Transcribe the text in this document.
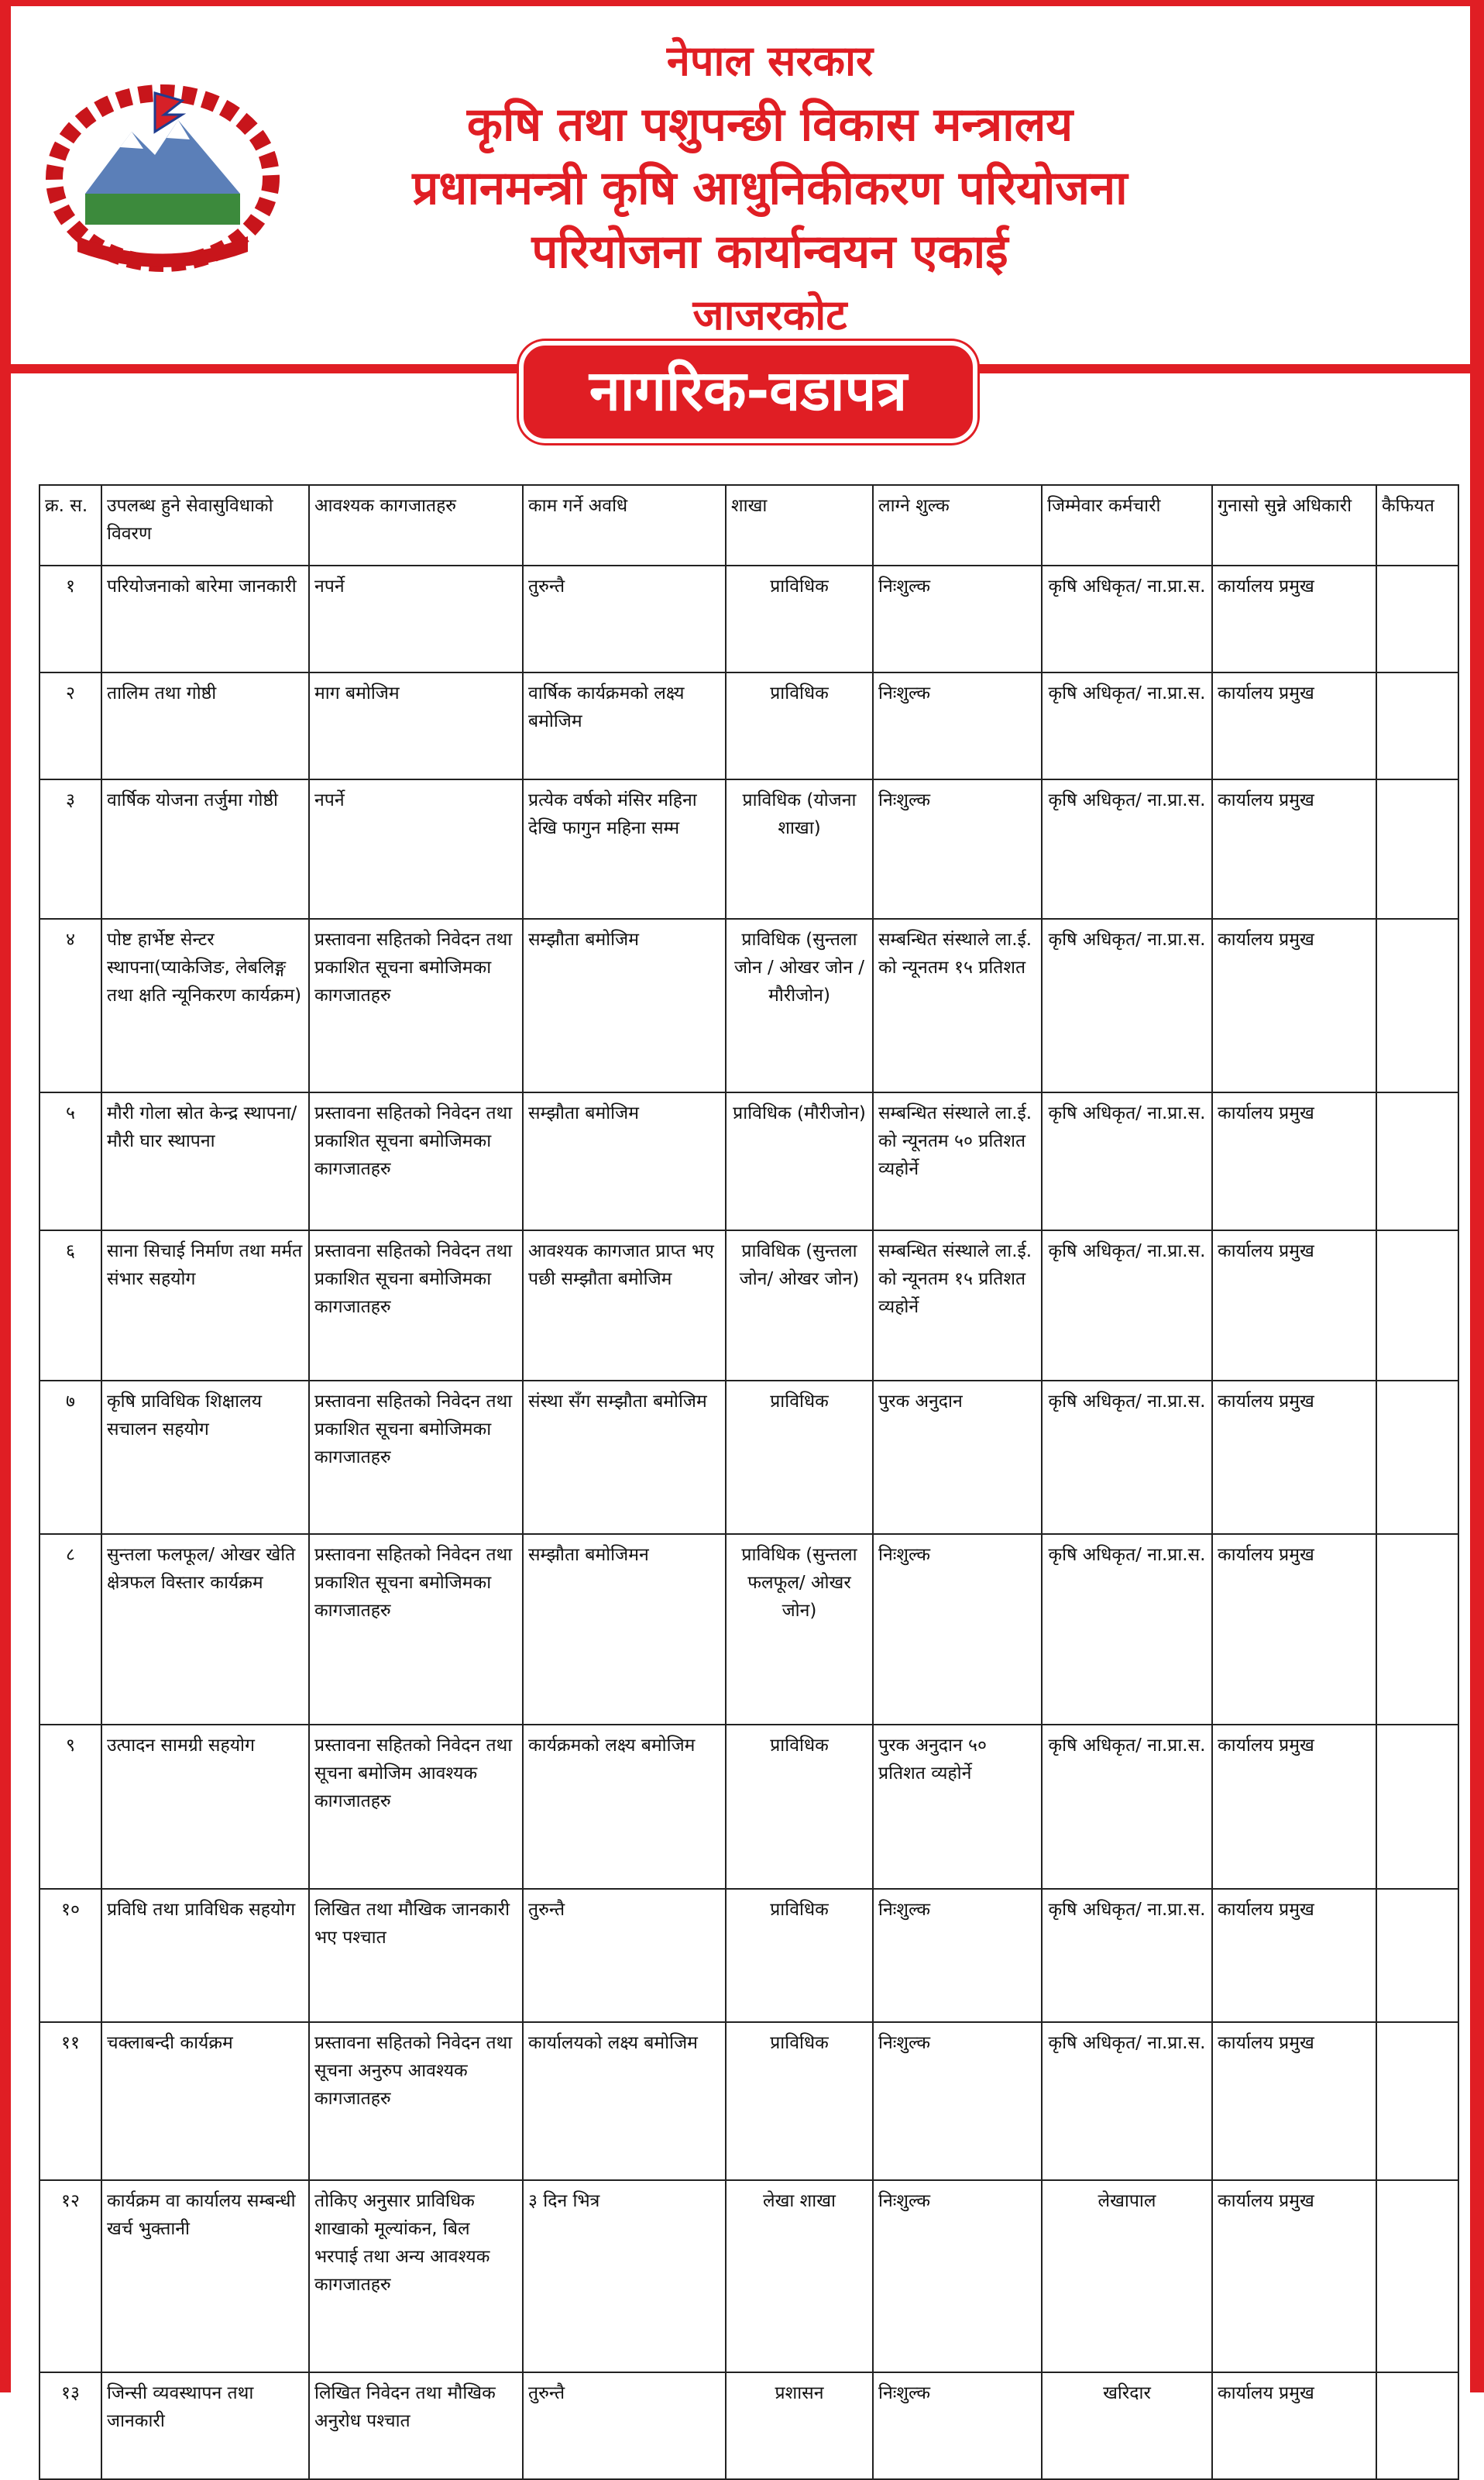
नेपाल सरकार
कृषि तथा पशुपन्छी विकास मन्त्रालय
प्रधानमन्त्री कृषि आधुनिकीकरण परियोजना
परियोजना कार्यान्वयन एकाई
जाजरकोट
नागरिक-वडापत्र
क्र. स.	उपलब्ध हुने सेवासुविधाको विवरण	आवश्यक कागजातहरु	काम गर्ने अवधि	शाखा	लाग्ने शुल्क	जिम्मेवार कर्मचारी	गुनासो सुन्ने अधिकारी	कैफियत
१	परियोजनाको बारेमा जानकारी	नपर्ने	तुरुन्तै	प्राविधिक	निःशुल्क	कृषि अधिकृत/ ना.प्रा.स.	कार्यालय प्रमुख	
२	तालिम तथा गोष्ठी	माग बमोजिम	वार्षिक कार्यक्रमको लक्ष्य बमोजिम	प्राविधिक	निःशुल्क	कृषि अधिकृत/ ना.प्रा.स.	कार्यालय प्रमुख	
३	वार्षिक योजना तर्जुमा गोष्ठी	नपर्ने	प्रत्येक वर्षको मंसिर महिना देखि फागुन महिना सम्म	प्राविधिक (योजना शाखा)	निःशुल्क	कृषि अधिकृत/ ना.प्रा.स.	कार्यालय प्रमुख	
४	पोष्ट हार्भेष्ट सेन्टर स्थापना(प्याकेजिङ, लेबलिङ्ग तथा क्षति न्यूनिकरण कार्यक्रम)	प्रस्तावना सहितको निवेदन तथा प्रकाशित सूचना बमोजिमका कागजातहरु	सम्झौता बमोजिम	प्राविधिक (सुन्तला जोन / ओखर जोन / मौरीजोन)	सम्बन्धित संस्थाले ला.ई. को न्यूनतम १५ प्रतिशत	कृषि अधिकृत/ ना.प्रा.स.	कार्यालय प्रमुख	
५	मौरी गोला स्रोत केन्द्र स्थापना/ मौरी घार स्थापना	प्रस्तावना सहितको निवेदन तथा प्रकाशित सूचना बमोजिमका कागजातहरु	सम्झौता बमोजिम	प्राविधिक (मौरीजोन)	सम्बन्धित संस्थाले ला.ई. को न्यूनतम ५० प्रतिशत व्यहोर्ने	कृषि अधिकृत/ ना.प्रा.स.	कार्यालय प्रमुख	
६	साना सिचाई निर्माण तथा मर्मत संभार सहयोग	प्रस्तावना सहितको निवेदन तथा प्रकाशित सूचना बमोजिमका कागजातहरु	आवश्यक कागजात प्राप्त भए पछी सम्झौता बमोजिम	प्राविधिक (सुन्तला जोन/ ओखर जोन)	सम्बन्धित संस्थाले ला.ई. को न्यूनतम १५ प्रतिशत व्यहोर्ने	कृषि अधिकृत/ ना.प्रा.स.	कार्यालय प्रमुख	
७	कृषि प्राविधिक शिक्षालय सचालन सहयोग	प्रस्तावना सहितको निवेदन तथा प्रकाशित सूचना बमोजिमका कागजातहरु	संस्था सँग सम्झौता बमोजिम	प्राविधिक	पुरक अनुदान	कृषि अधिकृत/ ना.प्रा.स.	कार्यालय प्रमुख	
८	सुन्तला फलफूल/ ओखर खेति क्षेत्रफल विस्तार कार्यक्रम	प्रस्तावना सहितको निवेदन तथा प्रकाशित सूचना बमोजिमका कागजातहरु	सम्झौता बमोजिमन	प्राविधिक (सुन्तला फलफूल/ ओखर जोन)	निःशुल्क	कृषि अधिकृत/ ना.प्रा.स.	कार्यालय प्रमुख	
९	उत्पादन सामग्री सहयोग	प्रस्तावना सहितको निवेदन तथा सूचना बमोजिम आवश्यक कागजातहरु	कार्यक्रमको लक्ष्य बमोजिम	प्राविधिक	पुरक अनुदान ५० प्रतिशत व्यहोर्ने	कृषि अधिकृत/ ना.प्रा.स.	कार्यालय प्रमुख	
१०	प्रविधि तथा प्राविधिक सहयोग	लिखित तथा मौखिक जानकारी भए पश्चात	तुरुन्तै	प्राविधिक	निःशुल्क	कृषि अधिकृत/ ना.प्रा.स.	कार्यालय प्रमुख	
११	चक्लाबन्दी कार्यक्रम	प्रस्तावना सहितको निवेदन तथा सूचना अनुरुप आवश्यक कागजातहरु	कार्यालयको लक्ष्य बमोजिम	प्राविधिक	निःशुल्क	कृषि अधिकृत/ ना.प्रा.स.	कार्यालय प्रमुख	
१२	कार्यक्रम वा कार्यालय सम्बन्धी खर्च भुक्तानी	तोकिए अनुसार प्राविधिक शाखाको मूल्यांकन, बिल भरपाई तथा अन्य आवश्यक कागजातहरु	३ दिन भित्र	लेखा शाखा	निःशुल्क	लेखापाल	कार्यालय प्रमुख	
१३	जिन्सी व्यवस्थापन तथा जानकारी	लिखित निवेदन तथा मौखिक अनुरोध पश्चात	तुरुन्तै	प्रशासन	निःशुल्क	खरिदार	कार्यालय प्रमुख	
